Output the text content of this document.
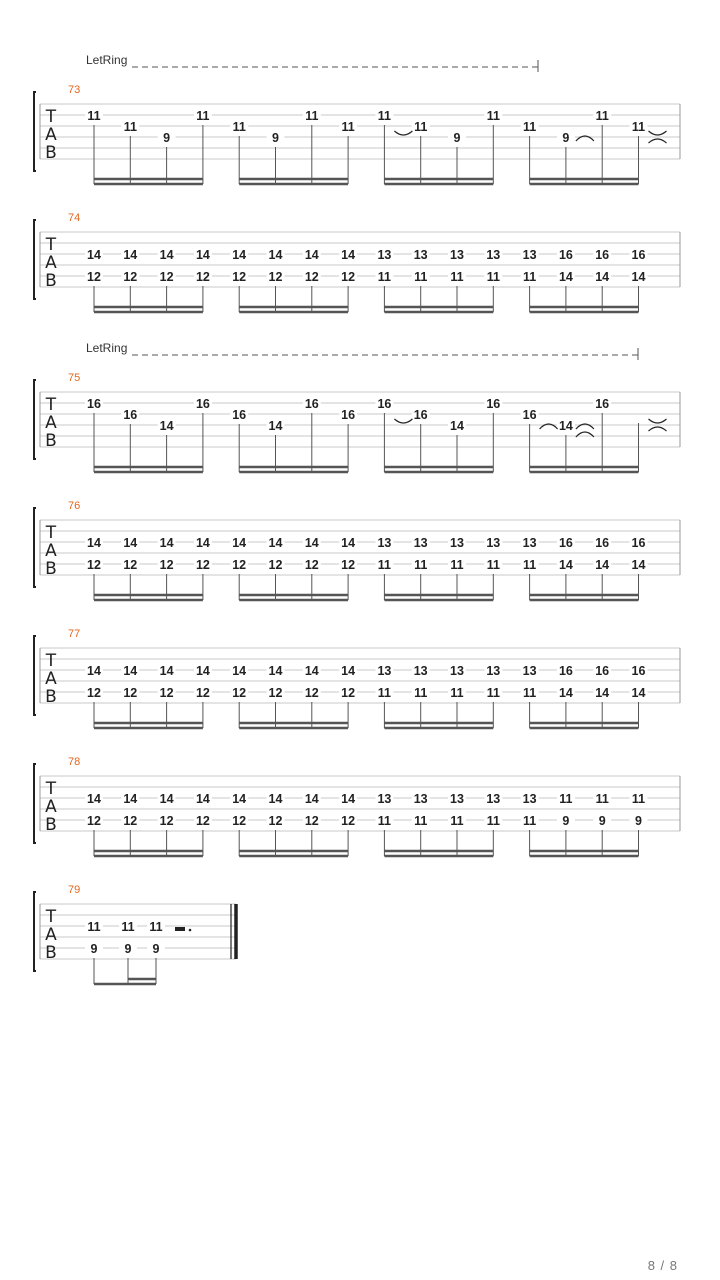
T
A
B
73
LetRing
11
11
9
11
11
9
11
11
11
11
9
11
11
9
11
11
T
A
B
74
14
12
14
12
14
12
14
12
14
12
14
12
14
12
14
12
13
11
13
11
13
11
13
11
13
11
16
14
16
14
16
14
T
A
B
75
LetRing
16
16
14
16
16
14
16
16
16
16
14
16
16
14
16
T
A
B
76
14
12
14
12
14
12
14
12
14
12
14
12
14
12
14
12
13
11
13
11
13
11
13
11
13
11
16
14
16
14
16
14
T
A
B
77
14
12
14
12
14
12
14
12
14
12
14
12
14
12
14
12
13
11
13
11
13
11
13
11
13
11
16
14
16
14
16
14
T
A
B
78
14
12
14
12
14
12
14
12
14
12
14
12
14
12
14
12
13
11
13
11
13
11
13
11
13
11
11
9
11
9
11
9
T
A
B
79
11
9
11
9
11
9
8 / 8
